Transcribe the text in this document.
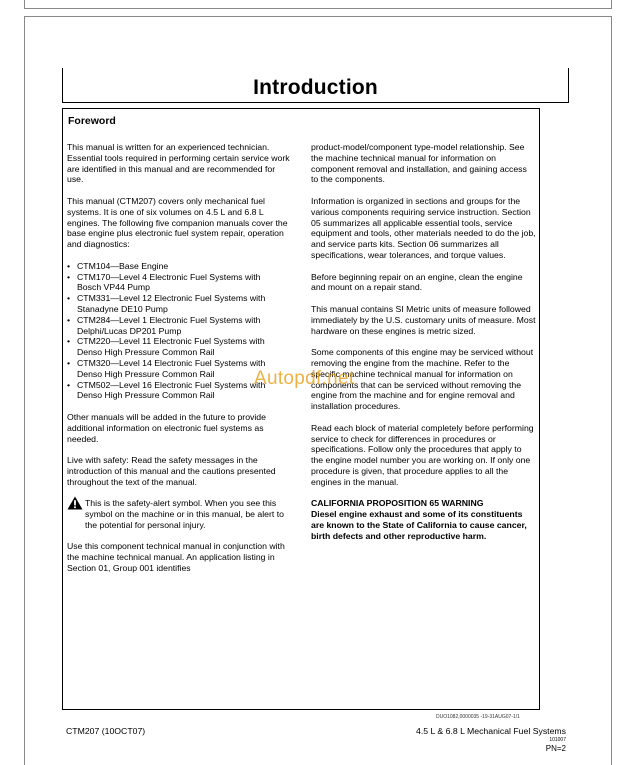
Introduction
Foreword

This manual is written for an experienced technician. Essential tools required in performing certain service work are identified in this manual and are recommended for use.

This manual (CTM207) covers only mechanical fuel systems. It is one of six volumes on 4.5 L and 6.8 L engines. The following five companion manuals cover the base engine plus electronic fuel system repair, operation and diagnostics:

• CTM104—Base Engine
• CTM170—Level 4 Electronic Fuel Systems with
Bosch VP44 Pump
• CTM331—Level 12 Electronic Fuel Systems with
Stanadyne DE10 Pump
• CTM284—Level 1 Electronic Fuel Systems with
Delphi/Lucas DP201 Pump
• CTM220—Level 11 Electronic Fuel Systems with
Denso High Pressure Common Rail
• CTM320—Level 14 Electronic Fuel Systems with
Denso High Pressure Common Rail
• CTM502—Level 16 Electronic Fuel Systems with
Denso High Pressure Common Rail

Other manuals will be added in the future to provide additional information on electronic fuel systems as needed.

Live with safety: Read the safety messages in the introduction of this manual and the cautions presented throughout the text of the manual.

This is the safety-alert symbol. When you see this symbol on the machine or in this manual, be alert to the potential for personal injury.

Use this component technical manual in conjunction with the machine technical manual. An application listing in Section 01, Group 001 identifies

product-model/component type-model relationship. See the machine technical manual for information on component removal and installation, and gaining access to the components.

Information is organized in sections and groups for the various components requiring service instruction. Section 05 summarizes all applicable essential tools, service equipment and tools, other materials needed to do the job, and service parts kits. Section 06 summarizes all specifications, wear tolerances, and torque values.

Before beginning repair on an engine, clean the engine and mount on a repair stand.

This manual contains SI Metric units of measure followed immediately by the U.S. customary units of measure. Most hardware on these engines is metric sized.

Some components of this engine may be serviced without removing the engine from the machine. Refer to the specific machine technical manual for information on components that can be serviced without removing the engine from the machine and for engine removal and installation procedures.

Read each block of material completely before performing service to check for differences in procedures or specifications. Follow only the procedures that apply to the engine model number you are working on. If only one procedure is given, that procedure applies to all the engines in the manual.

CALIFORNIA PROPOSITION 65 WARNING

Diesel engine exhaust and some of its constituents are known to the State of California to cause cancer, birth defects and other reproductive harm.

Autopdf.net
DUO1082,0000035 -19-31AUG07-1/1
CTM207 (10OCT07)	4.5 L & 6.8 L Mechanical Fuel Systems
101007
PN=2
